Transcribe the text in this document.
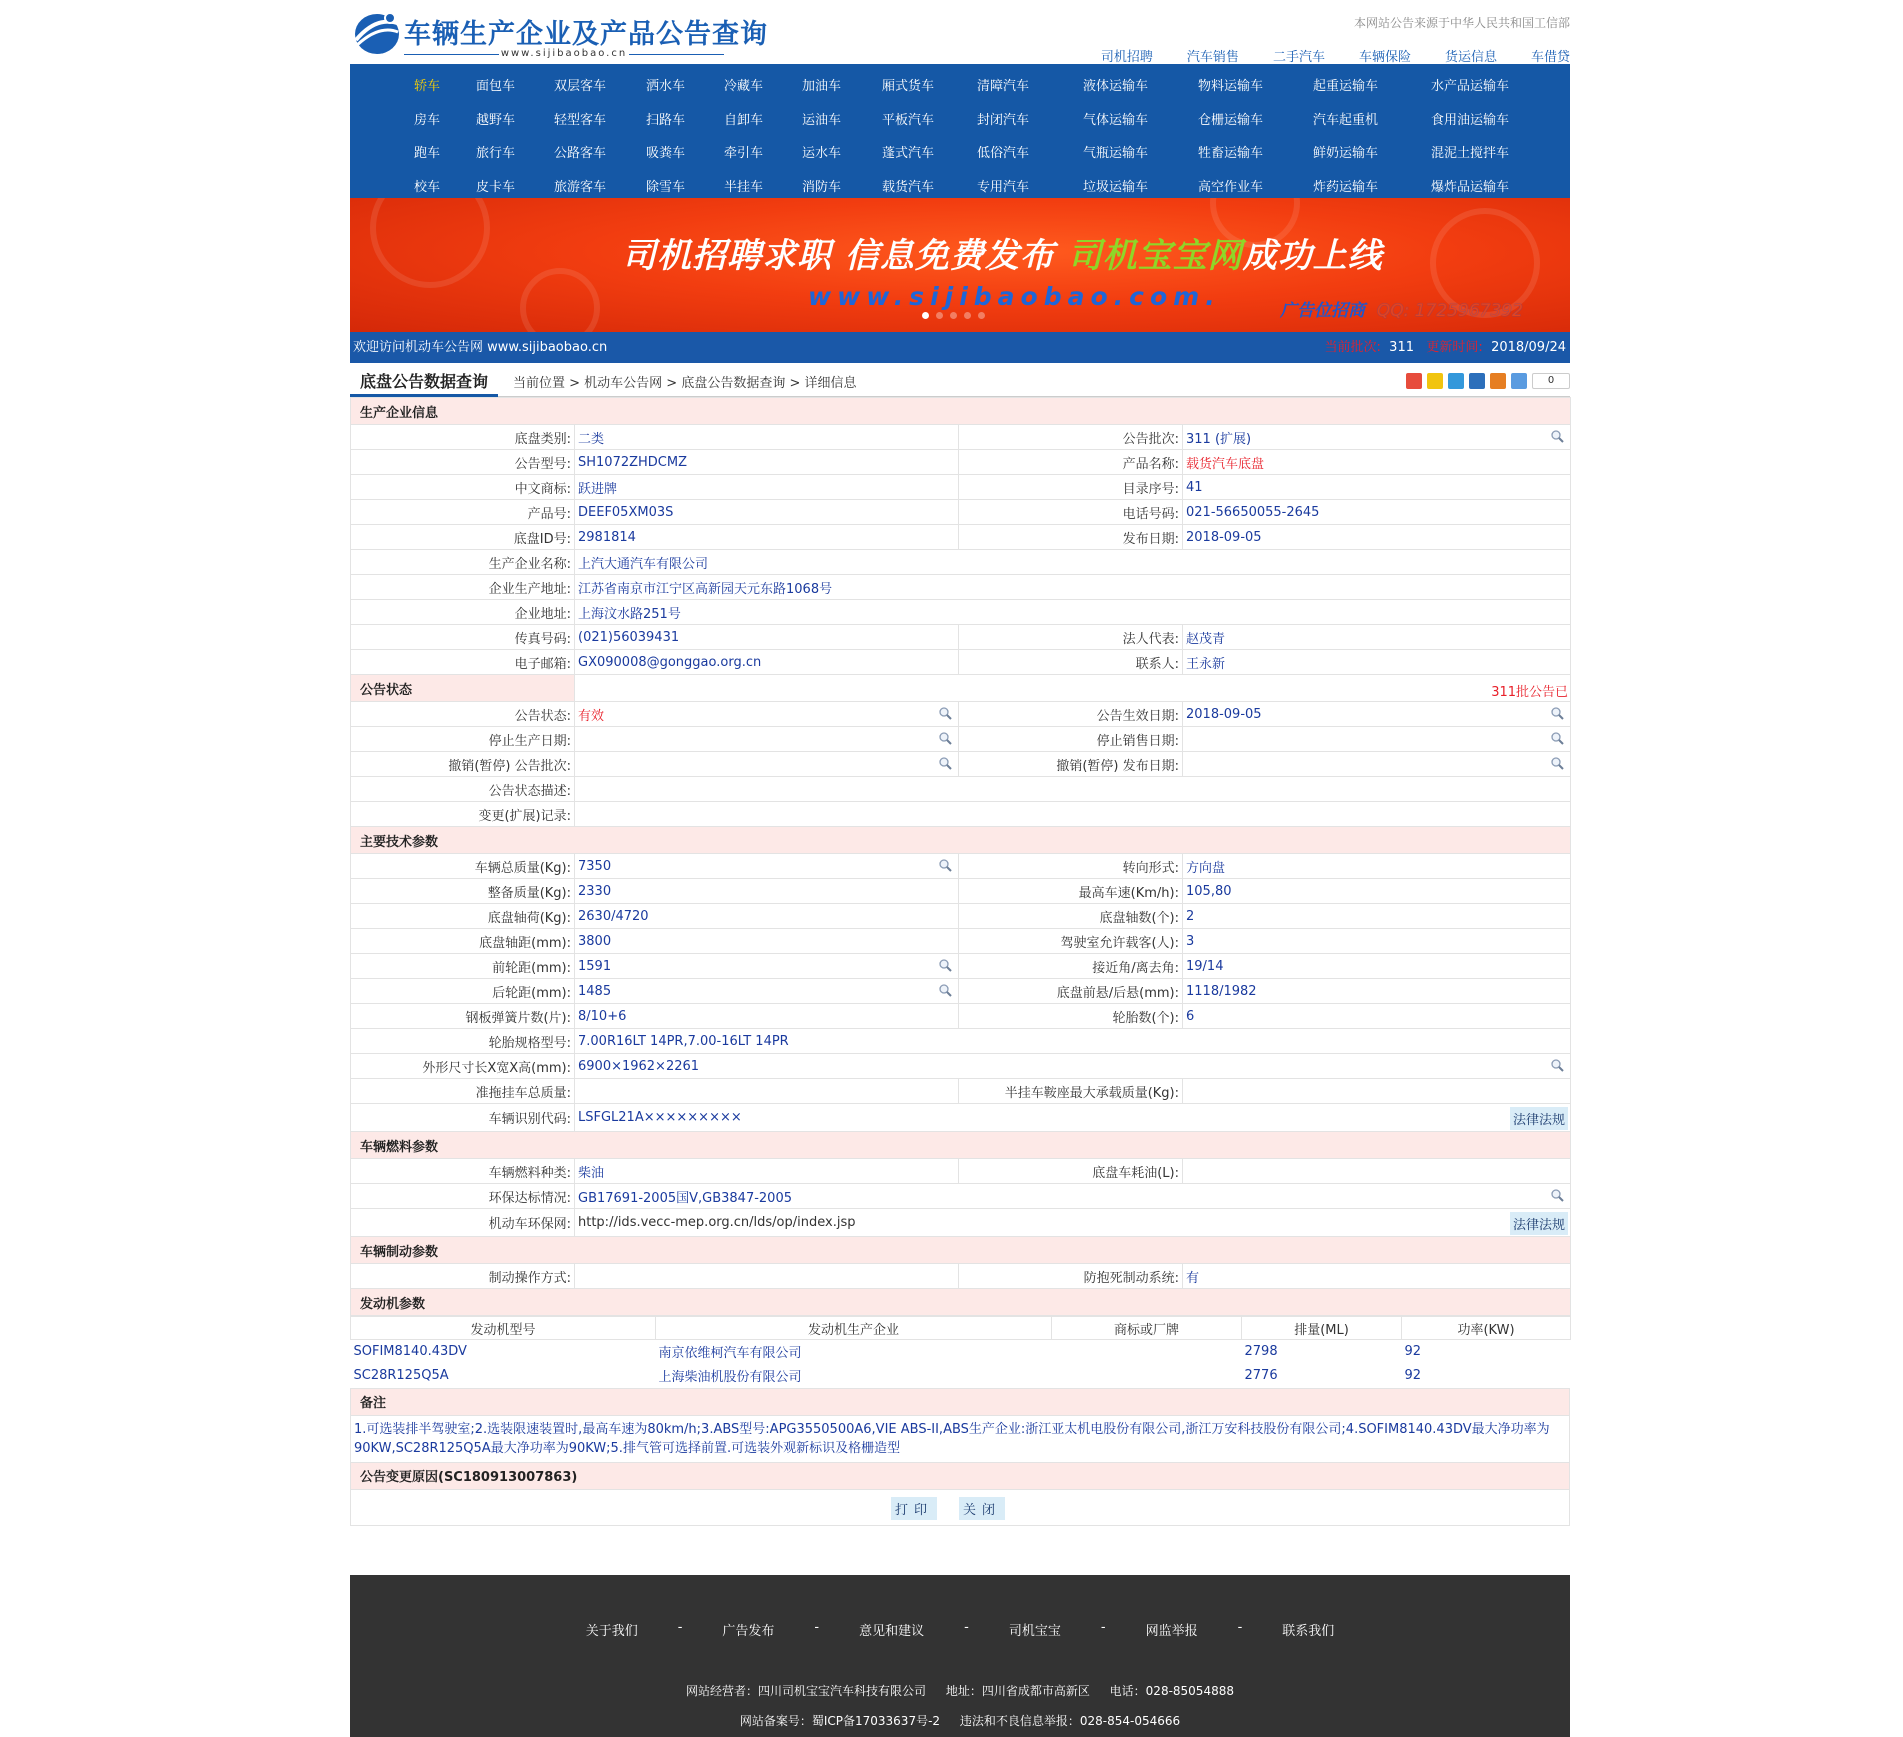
车辆生产企业及产品公告查询
www.sijibaobao.cn
本网站公告来源于中华人民共和国工信部
司机招聘	汽车销售	二手汽车	车辆保险	货运信息	车借贷
轿车	面包车	双层客车	洒水车	冷藏车	加油车	厢式货车	清障汽车	液体运输车	物料运输车	起重运输车	水产品运输车
房车	越野车	轻型客车	扫路车	自卸车	运油车	平板汽车	封闭汽车	气体运输车	仓栅运输车	汽车起重机	食用油运输车
跑车	旅行车	公路客车	吸粪车	牵引车	运水车	蓬式汽车	低俗汽车	气瓶运输车	牲畜运输车	鲜奶运输车	混泥土搅拌车
校车	皮卡车	旅游客车	除雪车	半挂车	消防车	载货汽车	专用汽车	垃圾运输车	高空作业车	炸药运输车	爆炸品运输车
司机招聘求职 信息免费发布 司机宝宝网成功上线
www.sijibaobao.com.	广告位招商 QQ: 1725967392
欢迎访问机动车公告网 www.sijibaobao.cn	当前批次: 311 更新时间: 2018/09/24
底盘公告数据查询	当前位置 > 机动车公告网 > 底盘公告数据查询 > 详细信息	0
生产企业信息			
底盘类别:	二类	公告批次:	311 (扩展)

公告型号:	SH1072ZHDCMZ	产品名称:	载货汽车底盘
中文商标:	跃进牌	目录序号:	41
产品号:	DEEF05XM03S	电话号码:	021-56650055-2645
底盘ID号:	2981814	发布日期:	2018-09-05
生产企业名称:	上汽大通汽车有限公司		
企业生产地址:	江苏省南京市江宁区高新园天元东路1068号		
企业地址:	上海汶水路251号		
传真号码:	(021)56039431	法人代表:	赵茂青
电子邮箱:	GX090008@gonggao.org.cn	联系人:	王永新
公告状态	311批公告已		

公告状态:	有效	公告生效日期:	2018-09-05

停止生产日期:		停止销售日期:	

撤销(暂停) 公告批次:		撤销(暂停) 发布日期:	

公告状态描述:			
变更(扩展)记录:			
主要技术参数			
车辆总质量(Kg):	7350	转向形式:	方向盘
整备质量(Kg):	2330	最高车速(Km/h):	105,80
底盘轴荷(Kg):	2630/4720	底盘轴数(个):	2
底盘轴距(mm):	3800	驾驶室允许载客(人):	3
前轮距(mm):	1591	接近角/离去角:	19/14
后轮距(mm):	1485	底盘前悬/后悬(mm):	1118/1982
钢板弹簧片数(片):	8/10+6	轮胎数(个):	6
轮胎规格型号:	7.00R16LT 14PR,7.00-16LT 14PR		
外形尺寸长X宽X高(mm):	6900×1962×2261		

准拖挂车总质量:		半挂车鞍座最大承载质量(Kg):	
车辆识别代码:	LSFGL21A××××××××× 法律法规		

车辆燃料参数			
车辆燃料种类:	柴油	底盘车耗油(L):	
环保达标情况:	GB17691-2005国Ⅴ,GB3847-2005		

机动车环保网:	http://ids.vecc-mep.org.cn/lds/op/index.jsp 法律法规		

车辆制动参数			
制动操作方式:		防抱死制动系统:	有
发动机参数			
发动机型号	发动机生产企业	商标或厂牌	排量(ML)	功率(KW)
SOFIM8140.43DV	南京依维柯汽车有限公司		2798	92
SC28R125Q5A	上海柴油机股份有限公司		2776	92
备注
1.可选装排半驾驶室;2.选装限速装置时,最高车速为80km/h;3.ABS型号:APG3550500A6,VIE ABS-II,ABS生产企业:浙江亚太机电股份有限公司,浙江万安科技股份有限公司;4.SOFIM8140.43DV最大净功率为90KW,SC28R125Q5A最大净功率为90KW;5.排气管可选择前置.可选装外观新标识及格栅造型
公告变更原因(SC180913007863)
打印	关闭
关于我们	-	广告发布	-	意见和建议	-	司机宝宝	-	网监举报	-	联系我们
网站经营者：四川司机宝宝汽车科技有限公司 地址：四川省成都市高新区 电话：028-85054888
网站备案号：蜀ICP备17033637号-2 违法和不良信息举报：028-854-054666
